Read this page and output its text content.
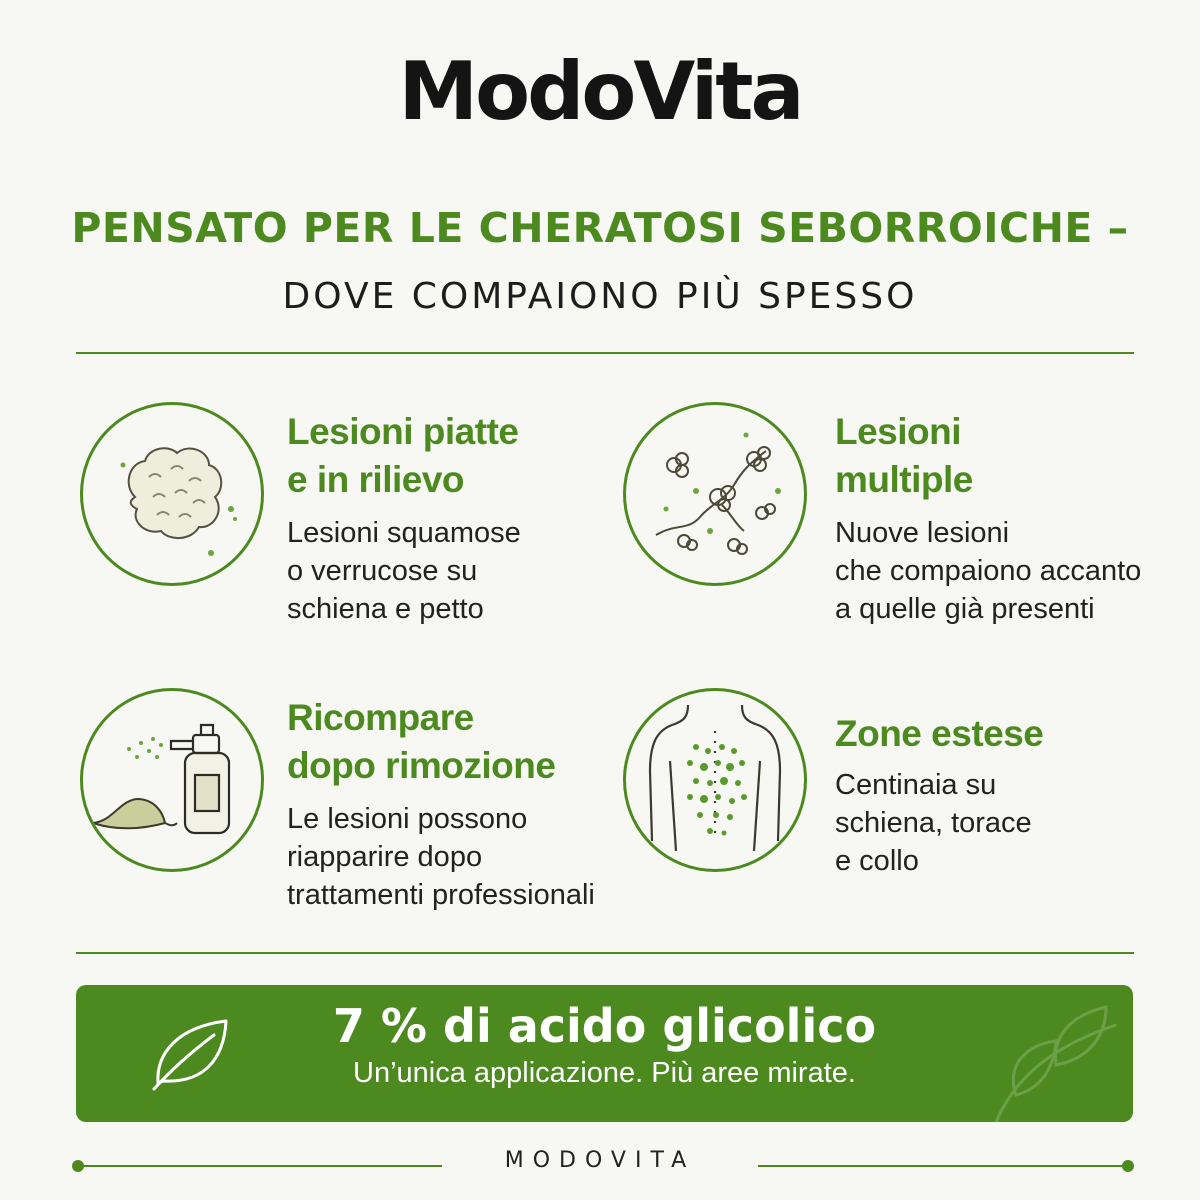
ModoVita
PENSATO PER LE CHERATOSI SEBORROICHE –
DOVE COMPAIONO PIÙ SPESSO
Lesioni piatte
e in rilievo
Lesioni squamose
o verrucose su
schiena e petto
Lesioni
multiple
Nuove lesioni
che compaiono accanto
a quelle già presenti
Ricompare
dopo rimozione
Le lesioni possono
riapparire dopo
trattamenti professionali
Zone estese
Centinaia su
schiena, torace
e collo
7 % di acido glicolico
Un’unica applicazione. Più aree mirate.
MODOVITA
